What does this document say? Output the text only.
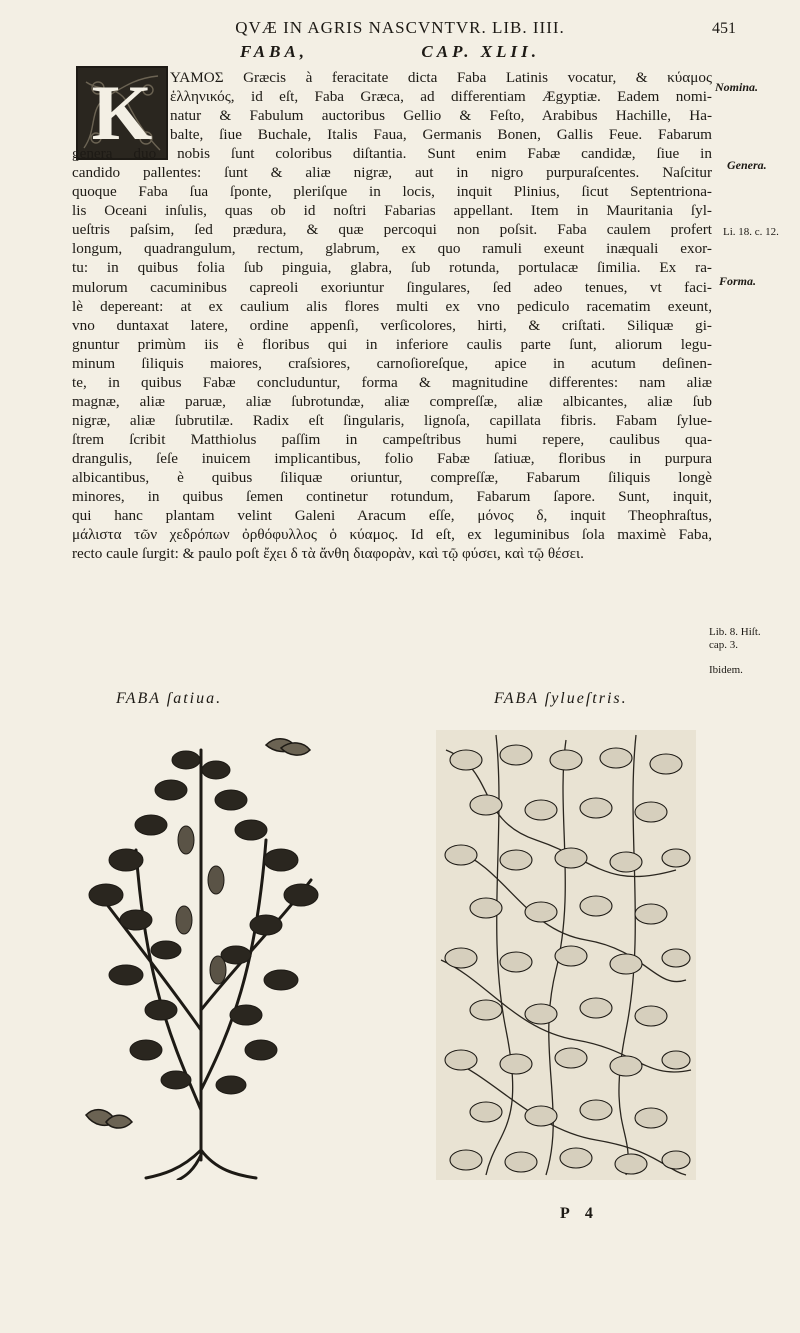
QVÆ IN AGRIS NASCVNTVR. LIB. IIII.	451
FABA,	CAP. XLII.
K	YAMOΣ Græcis à feracitate dicta Faba Latinis vocatur, & κύαμος
ἑλληνικός, id eſt, Faba Græca, ad differentiam Ægyptiæ. Eadem nomi-
natur & Fabulum auctoribus Gellio & Feſto, Arabibus Hachille, Ha-
balte, ſiue Buchale, Italis Faua, Germanis Bonen, Gallis Feue. Fabarum
genera duo nobis ſunt coloribus diſtantia. Sunt enim Fabæ candidæ, ſiue in
candido pallentes: ſunt & aliæ nigræ, aut in nigro purpuraſcentes. Naſcitur
quoque Faba ſua ſponte, pleriſque in locis, inquit Plinius, ſicut Septentriona-
lis Oceani inſulis, quas ob id noſtri Fabarias appellant. Item in Mauritania ſyl-
ueſtris paſsim, ſed prædura, & quæ percoqui non poſsit. Faba caulem profert
longum, quadrangulum, rectum, glabrum, ex quo ramuli exeunt inæquali exor-
tu: in quibus folia ſub pinguia, glabra, ſub rotunda, portulacæ ſimilia. Ex ra-
mulorum cacuminibus capreoli exoriuntur ſingulares, ſed adeo tenues, vt faci-
lè depereant: at ex caulium alis flores multi ex vno pediculo racematim exeunt,
vno duntaxat latere, ordine appenſi, verſicolores, hirti, & criſtati. Siliquæ gi-
gnuntur primùm iis è floribus qui in inferiore caulis parte ſunt, aliorum legu-
minum ſiliquis maiores, craſsiores, carnoſioreſque, apice in acutum deſinen-
te, in quibus Fabæ concluduntur, forma & magnitudine differentes: nam aliæ
magnæ, aliæ paruæ, aliæ ſubrotundæ, aliæ compreſſæ, aliæ albicantes, aliæ ſub
nigræ, aliæ ſubrutilæ. Radix eſt ſingularis, lignoſa, capillata fibris. Fabam ſylue-
ſtrem ſcribit Matthiolus paſſim in campeſtribus humi repere, caulibus qua-
drangulis, ſeſe inuicem implicantibus, folio Fabæ ſatiuæ, floribus in purpura
albicantibus, è quibus ſiliquæ oriuntur, compreſſæ, Fabarum ſiliquis longè
minores, in quibus ſemen continetur rotundum, Fabarum ſapore. Sunt, inquit,
qui hanc plantam velint Galeni Aracum eſſe, μόνος δ, inquit Theophraſtus,
μάλιστα τῶν χεδρόπων ὀρθόφυλλος ὁ κύαμος. Id eſt, ex leguminibus ſola maximè Faba,
recto caule ſurgit: & paulo poſt ἔχει δ τὰ ἄνθη διαφορὰν, καὶ τῷ φύσει, καὶ τῷ θέσει.
Nomina.
Genera.
Li. 18. c. 12.
Forma.
Lib. 8. Hiſt. cap. 3.
Ibidem.
FABA ſatiua.	FABA ſylueſtris.
P 4
